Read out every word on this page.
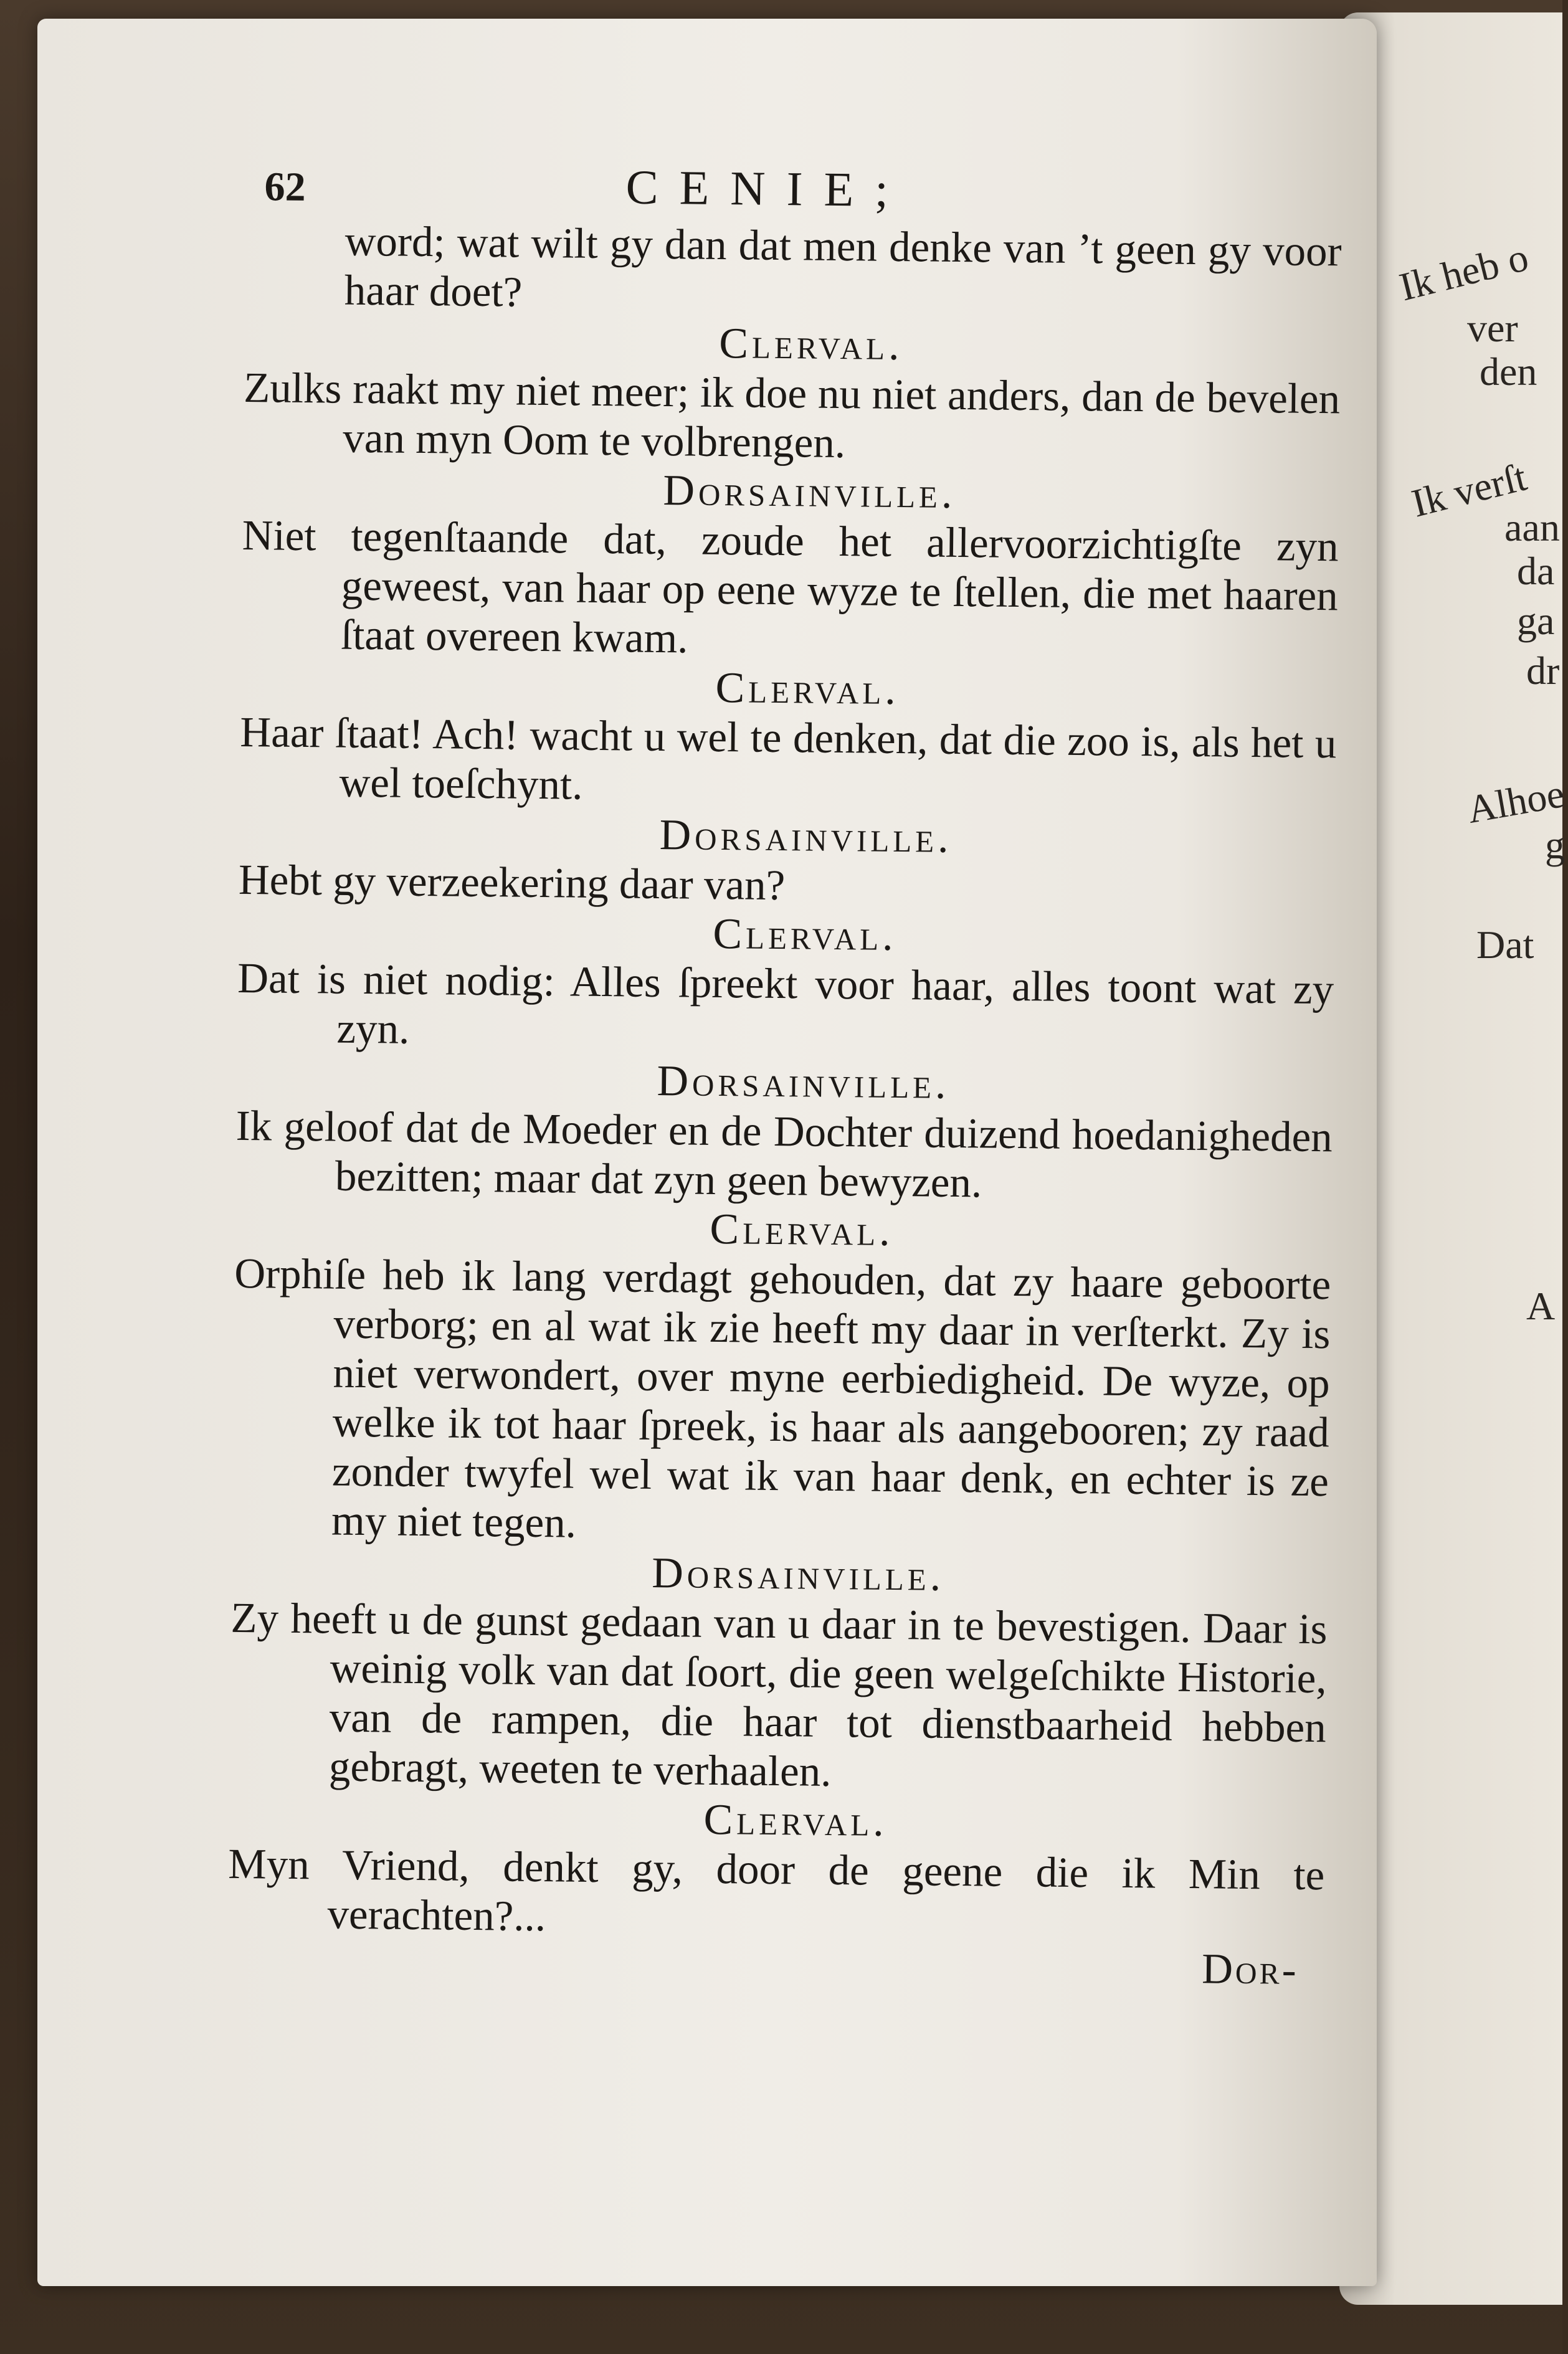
Ik heb o
ver
den
Ik verſt
aan
da
ga
dr
Alhoe
g
Dat
A
62	CENIE;
word; wat wilt gy dan dat men denke van ’t geen gy voor haar doet?
Clerval.
Zulks raakt my niet meer; ik doe nu niet anders, dan de bevelen van myn Oom te volbrengen.
Dorsainville.
Niet tegenſtaande dat, zoude het allervoorzichtigſte zyn geweest, van haar op eene wyze te ſtellen, die met haaren ſtaat overeen kwam.
Clerval.
Haar ſtaat! Ach! wacht u wel te denken, dat die zoo is, als het u wel toeſchynt.
Dorsainville.
Hebt gy verzeekering daar van?
Clerval.
Dat is niet nodig: Alles ſpreekt voor haar, alles toont wat zy zyn.
Dorsainville.
Ik geloof dat de Moeder en de Dochter duizend hoedanigheden bezitten; maar dat zyn geen bewyzen.
Clerval.
Orphiſe heb ik lang verdagt gehouden, dat zy haare geboorte verborg; en al wat ik zie heeft my daar in verſterkt. Zy is niet verwondert, over myne eerbiedigheid. De wyze, op welke ik tot haar ſpreek, is haar als aangebooren; zy raad zonder twyfel wel wat ik van haar denk, en echter is ze my niet tegen.
Dorsainville.
Zy heeft u de gunst gedaan van u daar in te bevestigen. Daar is weinig volk van dat ſoort, die geen welgeſchikte Historie, van de rampen, die haar tot dienstbaarheid hebben gebragt, weeten te verhaalen.
Clerval.
Myn Vriend, denkt gy, door de geene die ik Min te verachten?...
Dor-
